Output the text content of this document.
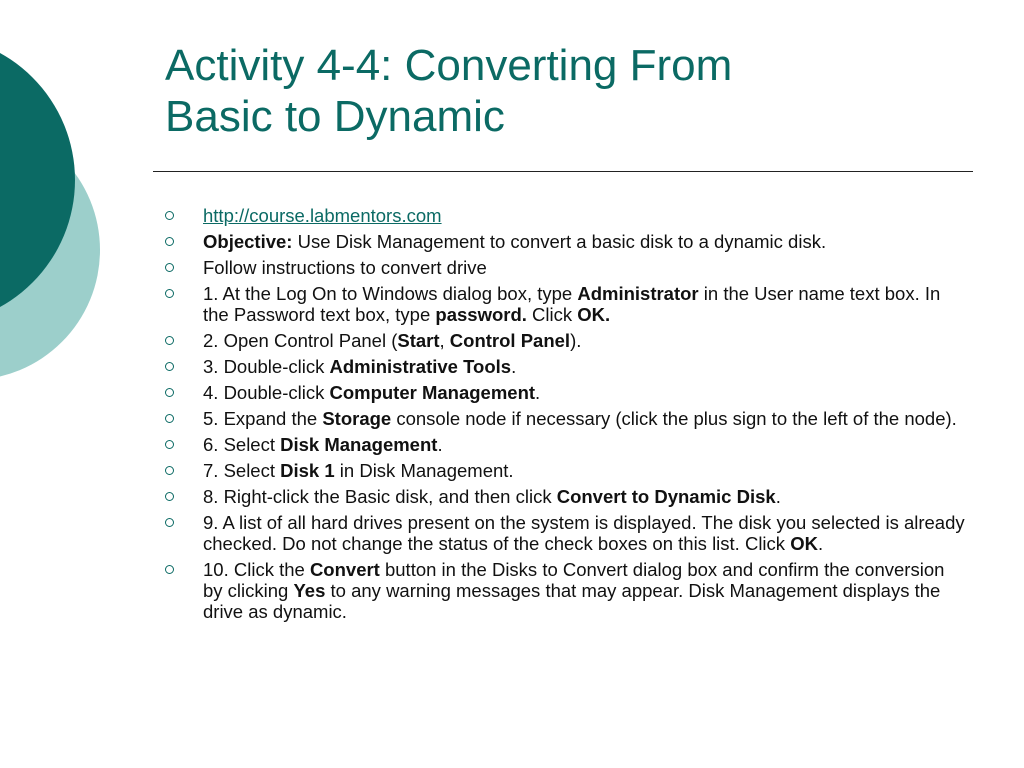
Activity 4-4: Converting From
Basic to Dynamic
http://course.labmentors.com
Objective: Use Disk Management to convert a basic disk to a dynamic disk.
Follow instructions to convert drive
1. At the Log On to Windows dialog box, type Administrator in the User name text box. In the Password text box, type password. Click OK.
2. Open Control Panel (Start, Control Panel).
3. Double-click Administrative Tools.
4. Double-click Computer Management.
5. Expand the Storage console node if necessary (click the plus sign to the left of the node).
6. Select Disk Management.
7. Select Disk 1 in Disk Management.
8. Right-click the Basic disk, and then click Convert to Dynamic Disk.
9. A list of all hard drives present on the system is displayed. The disk you selected is already checked. Do not change the status of the check boxes on this list. Click OK.
10. Click the Convert button in the Disks to Convert dialog box and confirm the conversion by clicking Yes to any warning messages that may appear. Disk Management displays the drive as dynamic.
